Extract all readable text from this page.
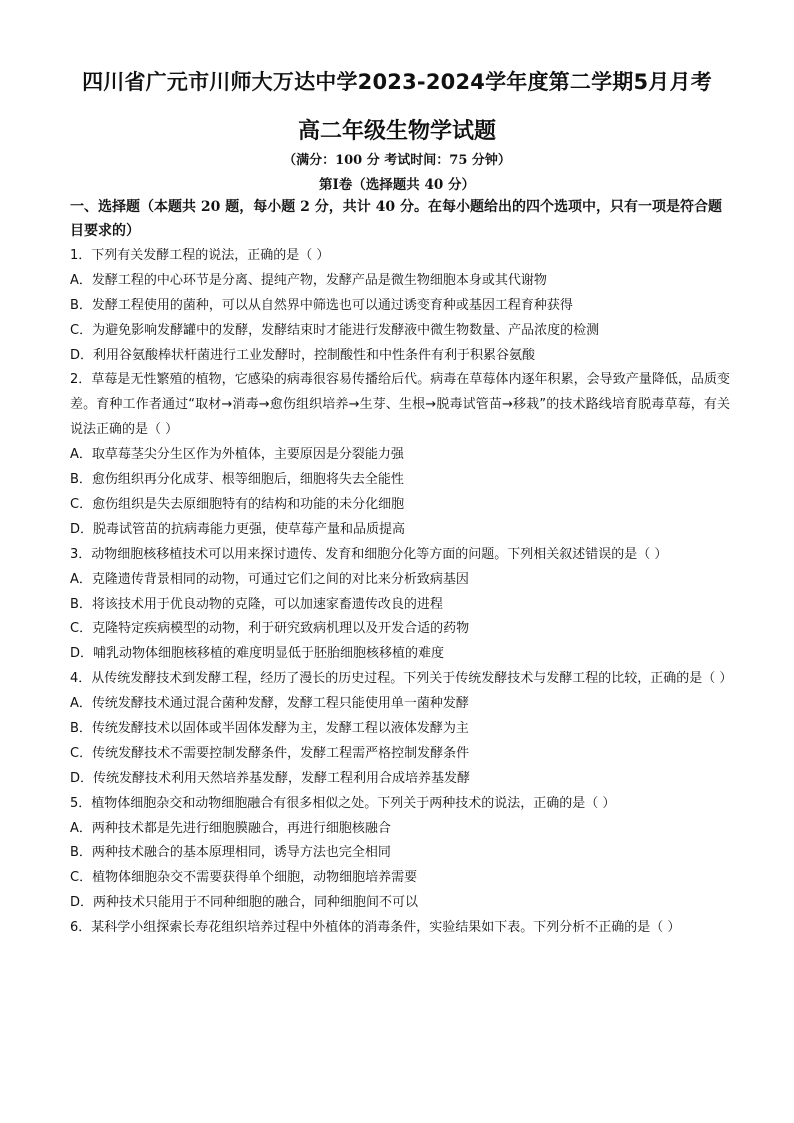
四川省广元市川师大万达中学2023-2024学年度第二学期5月月考
高二年级生物学试题
（满分：100 分 考试时间：75 分钟）
第Ⅰ卷（选择题共 40 分）
一、选择题（本题共 20 题，每小题 2 分，共计 40 分。在每小题给出的四个选项中，只有一项是符合题目要求的）
1．下列有关发酵工程的说法，正确的是（ ）
A．发酵工程的中心环节是分离、提纯产物，发酵产品是微生物细胞本身或其代谢物
B．发酵工程使用的菌种，可以从自然界中筛选也可以通过诱变育种或基因工程育种获得
C．为避免影响发酵罐中的发酵，发酵结束时才能进行发酵液中微生物数量、产品浓度的检测
D．利用谷氨酸棒状杆菌进行工业发酵时，控制酸性和中性条件有利于积累谷氨酸
2．草莓是无性繁殖的植物，它感染的病毒很容易传播给后代。病毒在草莓体内逐年积累，会导致产量降低，品质变差。育种工作者通过“取材→消毒→愈伤组织培养→生芽、生根→脱毒试管苗→移栽”的技术路线培育脱毒草莓，有关说法正确的是（ ）
A．取草莓茎尖分生区作为外植体，主要原因是分裂能力强
B．愈伤组织再分化成芽、根等细胞后，细胞将失去全能性
C．愈伤组织是失去原细胞特有的结构和功能的未分化细胞
D．脱毒试管苗的抗病毒能力更强，使草莓产量和品质提高
3．动物细胞核移植技术可以用来探讨遗传、发育和细胞分化等方面的问题。下列相关叙述错误的是（ ）
A．克隆遗传背景相同的动物，可通过它们之间的对比来分析致病基因
B．将该技术用于优良动物的克隆，可以加速家畜遗传改良的进程
C．克隆特定疾病模型的动物，利于研究致病机理以及开发合适的药物
D．哺乳动物体细胞核移植的难度明显低于胚胎细胞核移植的难度
4．从传统发酵技术到发酵工程，经历了漫长的历史过程。下列关于传统发酵技术与发酵工程的比较，正确的是（ ）
A．传统发酵技术通过混合菌种发酵，发酵工程只能使用单一菌种发酵
B．传统发酵技术以固体或半固体发酵为主，发酵工程以液体发酵为主
C．传统发酵技术不需要控制发酵条件，发酵工程需严格控制发酵条件
D．传统发酵技术利用天然培养基发酵，发酵工程利用合成培养基发酵
5．植物体细胞杂交和动物细胞融合有很多相似之处。下列关于两种技术的说法，正确的是（ ）
A．两种技术都是先进行细胞膜融合，再进行细胞核融合
B．两种技术融合的基本原理相同，诱导方法也完全相同
C．植物体细胞杂交不需要获得单个细胞，动物细胞培养需要
D．两种技术只能用于不同种细胞的融合，同种细胞间不可以
6．某科学小组探索长寿花组织培养过程中外植体的消毒条件，实验结果如下表。下列分析不正确的是（ ）
